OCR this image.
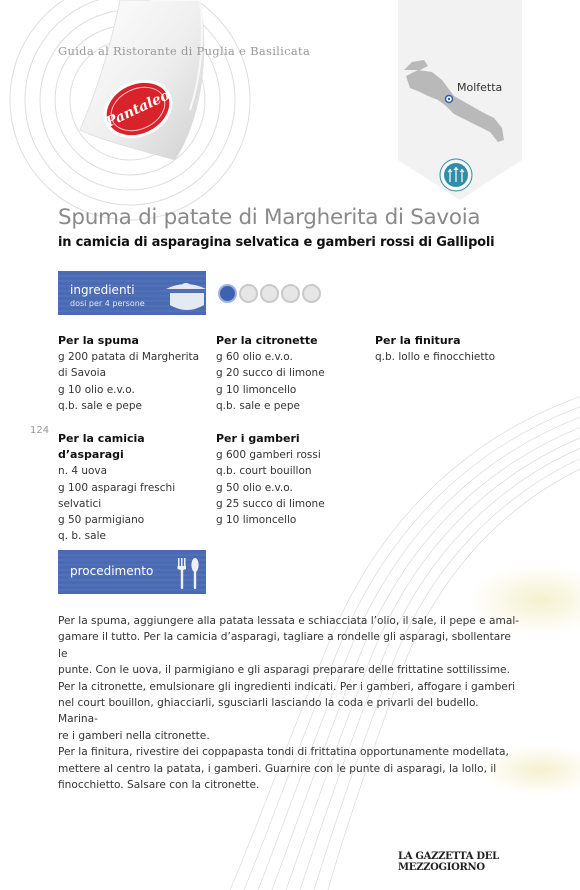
Guida al Ristorante di Puglia e Basilicata
Pantaleo	Molfetta
Spuma di patate di Margherita di Savoia
in camicia di asparagina selvatica e gamberi rossi di Gallipoli
ingredienti
dosi per 4 persone
Per la spuma
g 200 patata di Margherita
di Savoia
g 10 olio e.v.o.
q.b. sale e pepe
Per la citronette
g 60 olio e.v.o.
g 20 succo di limone
g 10 limoncello
q.b. sale e pepe
Per la finitura
q.b. lollo e finocchietto
Per la camicia d’asparagi
n. 4 uova
g 100 asparagi freschi
selvatici
g 50 parmigiano
q. b. sale
Per i gamberi
g 600 gamberi rossi
q.b. court bouillon
g 50 olio e.v.o.
g 25 succo di limone
g 10 limoncello
124
procedimento

Per la spuma, aggiungere alla patata lessata e schiacciata l’olio, il sale, il pepe e amal-

gamare il tutto. Per la camicia d’asparagi, tagliare a rondelle gli asparagi, sbollentare le

punte. Con le uova, il parmigiano e gli asparagi preparare delle frittatine sottilissime.

Per la citronette, emulsionare gli ingredienti indicati. Per i gamberi, affogare i gamberi

nel court bouillon, ghiacciarli, sgusciarli lasciando la coda e privarli del budello. Marina-

re i gamberi nella citronette.

Per la finitura, rivestire dei coppapasta tondi di frittatina opportunamente modellata,

mettere al centro la patata, i gamberi. Guarnire con le punte di asparagi, la lollo, il

finocchietto. Salsare con la citronette.

LA GAZZETTA DEL MEZZOGIORNO
